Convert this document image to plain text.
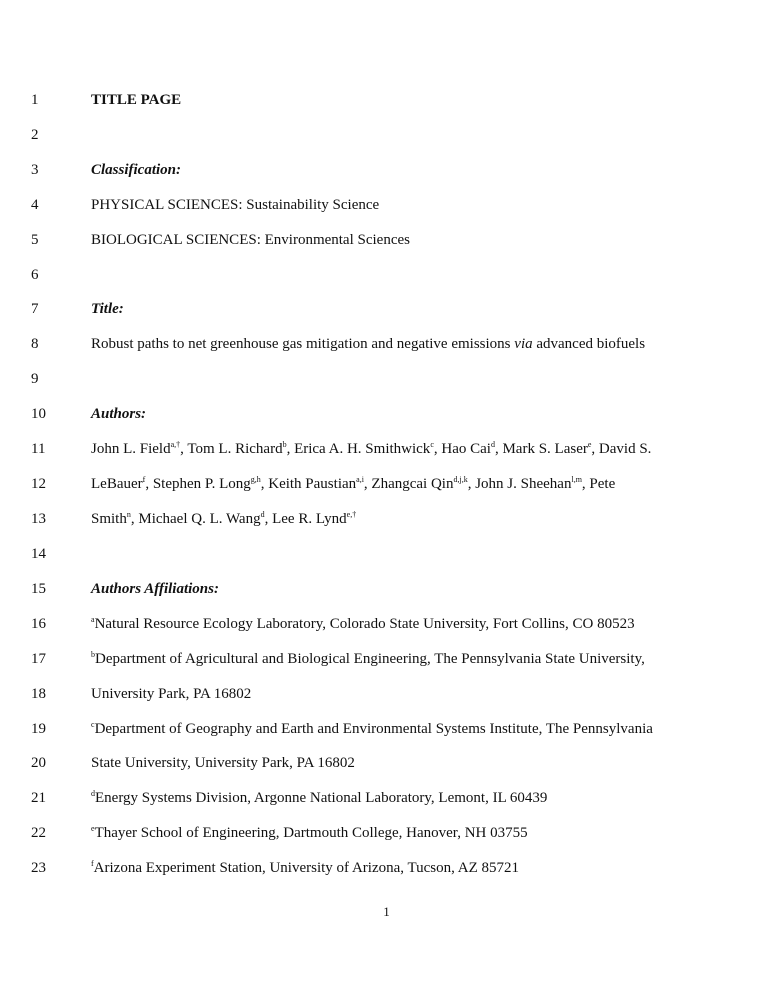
1	TITLE PAGE
2
3	Classification:
4	PHYSICAL SCIENCES: Sustainability Science
5	BIOLOGICAL SCIENCES: Environmental Sciences
6
7	Title:
8	Robust paths to net greenhouse gas mitigation and negative emissions via advanced biofuels
9
10	Authors:
11	John L. Field$^{a,\dagger}$, Tom L. Richard$^b$, Erica A. H. Smithwick$^c$, Hao Cai$^d$, Mark S. Laser$^e$, David S.
12	LeBauer$^f$, Stephen P. Long$^{g,h}$, Keith Paustian$^{a,i}$, Zhangcai Qin$^{d,j,k}$, John J. Sheehan$^{l,m}$, Pete
13	Smith$^n$, Michael Q. L. Wang$^d$, Lee R. Lynd$^{e,\dagger}$
14
15	Authors Affiliations:
16	$^a$Natural Resource Ecology Laboratory, Colorado State University, Fort Collins, CO 80523
17	$^b$Department of Agricultural and Biological Engineering, The Pennsylvania State University,
18	University Park, PA 16802
19	$^c$Department of Geography and Earth and Environmental Systems Institute, The Pennsylvania
20	State University, University Park, PA 16802
21	$^d$Energy Systems Division, Argonne National Laboratory, Lemont, IL 60439
22	$^e$Thayer School of Engineering, Dartmouth College, Hanover, NH 03755
23	$^f$Arizona Experiment Station, University of Arizona, Tucson, AZ 85721
1
